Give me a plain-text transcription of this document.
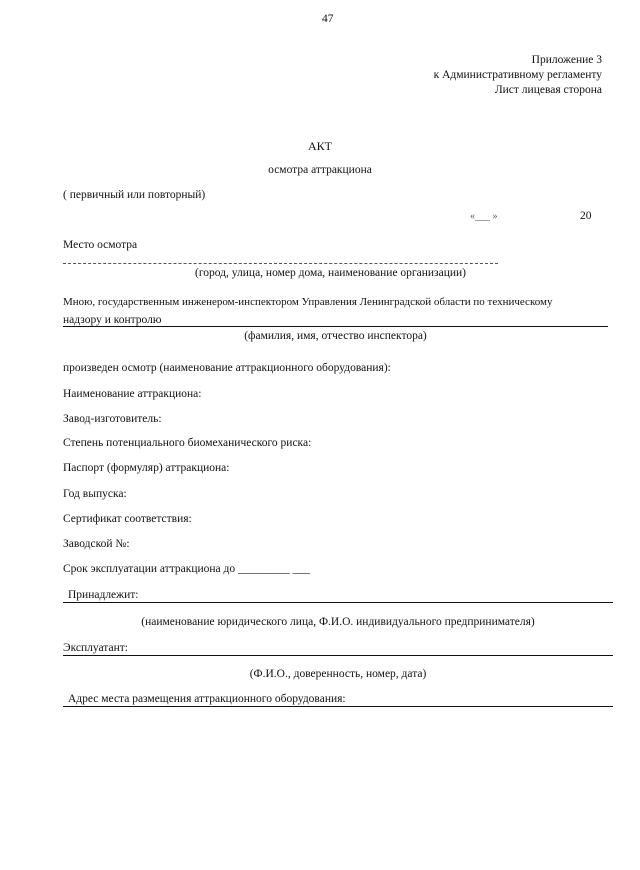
47
Приложение 3
к Административному регламенту
Лист лицевая сторона
АКТ
осмотра аттракциона
( первичный или повторный)
«___ »	20
Место осмотра
(город, улица, номер дома, наименование организации)
Мною, государственным инженером-инспектором Управления Ленинградской области по техническому
надзору и контролю
(фамилия, имя, отчество инспектора)
произведен осмотр (наименование аттракционного оборудования):
Наименование аттракциона:
Завод-изготовитель:
Степень потенциального биомеханического риска:
Паспорт (формуляр) аттракциона:
Год выпуска:
Сертификат соответствия:
Заводской №:
Срок эксплуатации аттракциона до _________ ___
Принадлежит:
(наименование юридического лица, Ф.И.О. индивидуального предпринимателя)
Эксплуатант:
(Ф.И.О., доверенность, номер, дата)
Адрес места размещения аттракционного оборудования:
